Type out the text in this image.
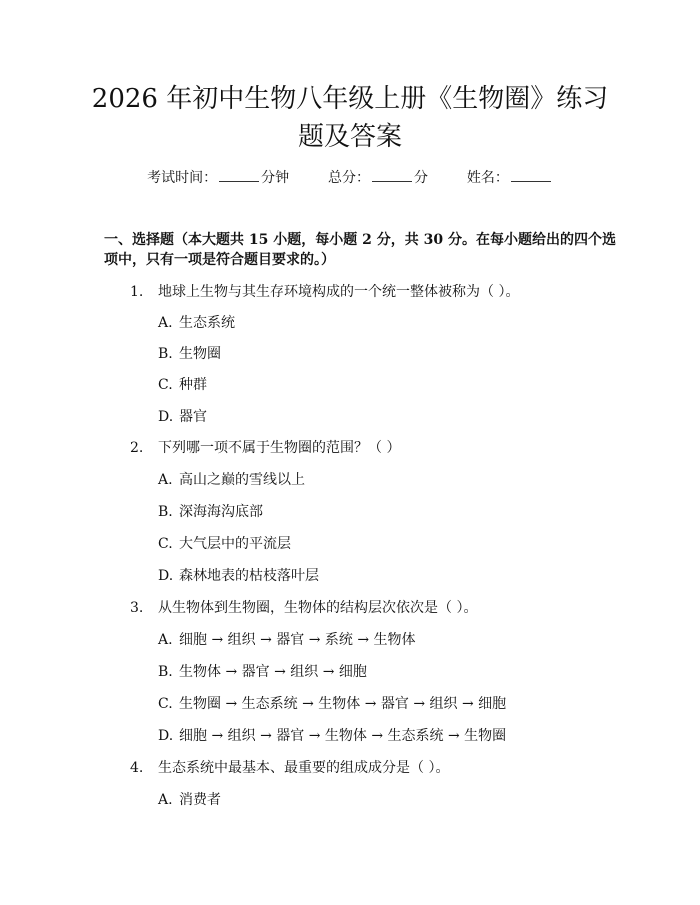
2026 年初中生物八年级上册《生物圈》练习
题及答案
考试时间：	分钟	总分：	分	姓名：
一、选择题（本大题共 15 小题，每小题 2 分，共 30 分。在每小题给出的四个选
项中，只有一项是符合题目要求的。）
1. 地球上生物与其生存环境构成的一个统一整体被称为（ ）。
A. 生态系统
B. 生物圈
C. 种群
D. 器官
2. 下列哪一项不属于生物圈的范围？（ ）
A. 高山之巅的雪线以上
B. 深海海沟底部
C. 大气层中的平流层
D. 森林地表的枯枝落叶层
3. 从生物体到生物圈，生物体的结构层次依次是（ ）。
A. 细胞 → 组织 → 器官 → 系统 → 生物体
B. 生物体 → 器官 → 组织 → 细胞
C. 生物圈 → 生态系统 → 生物体 → 器官 → 组织 → 细胞
D. 细胞 → 组织 → 器官 → 生物体 → 生态系统 → 生物圈
4. 生态系统中最基本、最重要的组成成分是（ ）。
A. 消费者
